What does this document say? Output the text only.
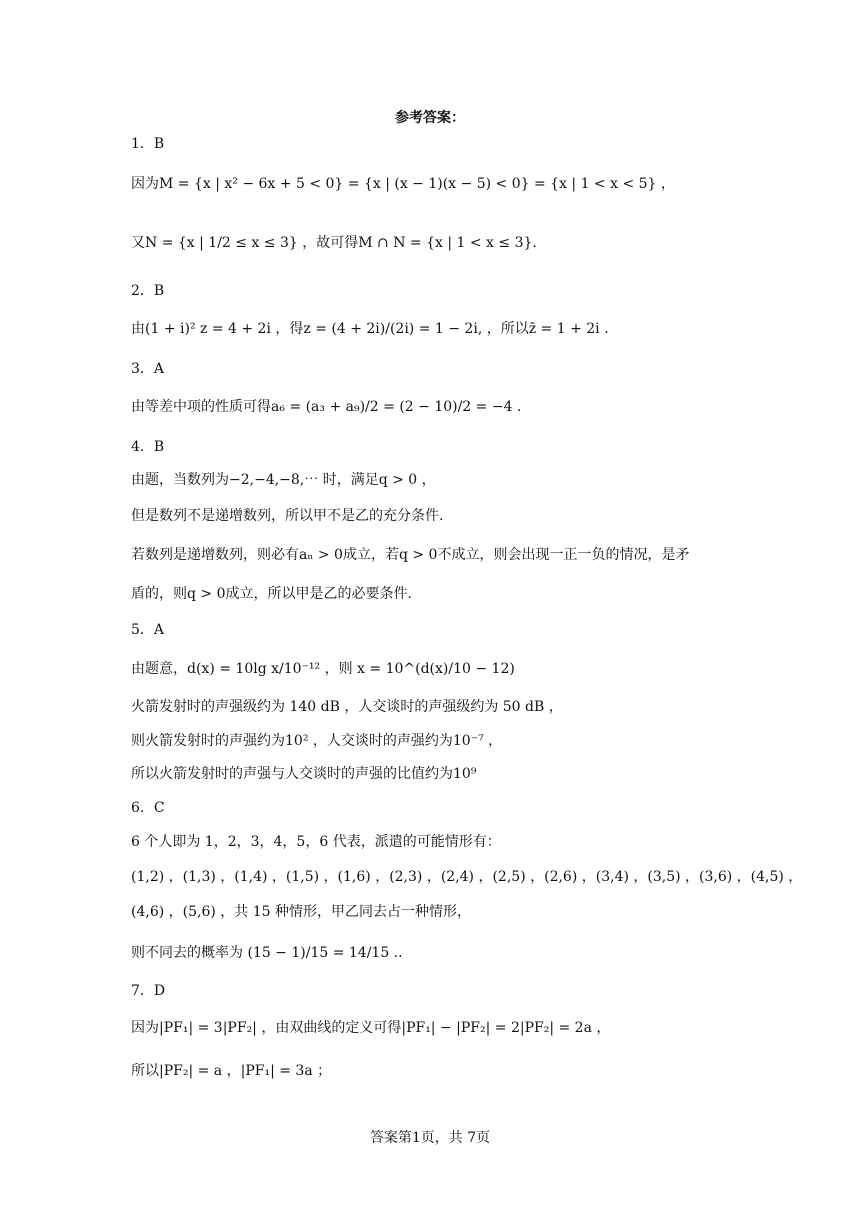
参考答案：
1．B
因为M = {x | x² − 6x + 5 < 0} = {x | (x − 1)(x − 5) < 0} = {x | 1 < x < 5} ，
又N = {x | 1/2 ≤ x ≤ 3} ，故可得M ∩ N = {x | 1 < x ≤ 3}.
2．B
由(1 + i)² z = 4 + 2i ，得z = (4 + 2i)/(2i) = 1 − 2i, ，所以z̄ = 1 + 2i .
3．A
由等差中项的性质可得a₆ = (a₃ + a₉)/2 = (2 − 10)/2 = −4 .
4．B
由题，当数列为−2,−4,−8,⋯ 时，满足q > 0 ，
但是数列不是递增数列，所以甲不是乙的充分条件.
若数列是递增数列，则必有aₙ > 0成立，若q > 0不成立，则会出现一正一负的情况，是矛
盾的，则q > 0成立，所以甲是乙的必要条件.
5．A
由题意，d(x) = 10lg x/10⁻¹² ，则 x = 10^(d(x)/10 − 12)
火箭发射时的声强级约为 140 dB ，人交谈时的声强级约为 50 dB ，
则火箭发射时的声强约为10² ，人交谈时的声强约为10⁻⁷ ，
所以火箭发射时的声强与人交谈时的声强的比值约为10⁹
6．C
6 个人即为 1，2，3，4，5，6 代表，派遣的可能情形有：
(1,2) ，(1,3) ，(1,4) ，(1,5) ，(1,6) ，(2,3) ，(2,4) ，(2,5) ，(2,6) ，(3,4) ，(3,5) ，(3,6) ，(4,5) ，
(4,6) ，(5,6) ，共 15 种情形，甲乙同去占一种情形，
则不同去的概率为 (15 − 1)/15 = 14/15 ..
7．D
因为|PF₁| = 3|PF₂| ，由双曲线的定义可得|PF₁| − |PF₂| = 2|PF₂| = 2a ，
所以|PF₂| = a ，|PF₁| = 3a ；
答案第1页，共 7页
